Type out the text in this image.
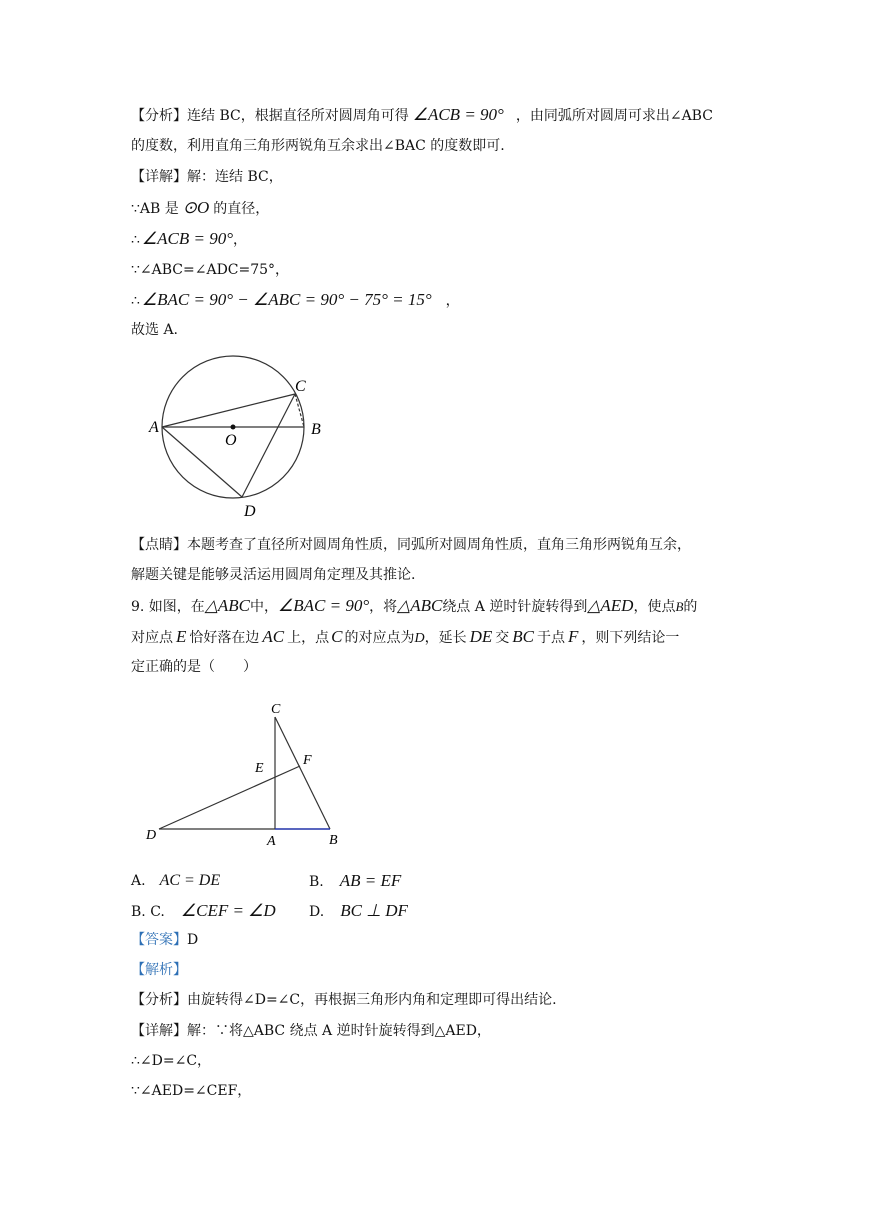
【分析】连结 BC，根据直径所对圆周角可得 ∠ACB = 90° ，由同弧所对圆周可求出∠ABC
的度数，利用直角三角形两锐角互余求出∠BAC 的度数即可.
【详解】解：连结 BC，
∵AB 是 ⊙O 的直径，
∴ ∠ACB = 90°，
∵∠ABC=∠ADC=75°，
∴ ∠BAC = 90° − ∠ABC = 90° − 75° = 15° ，
故选 A.
A	B
C
D
O
【点睛】本题考查了直径所对圆周角性质，同弧所对圆周角性质，直角三角形两锐角互余，
解题关键是能够灵活运用圆周角定理及其推论.
9. 如图，在△ABC中，∠BAC = 90°，将△ABC绕点 A 逆时针旋转得到△AED，使点B的
对应点 E 恰好落在边 AC 上，点 C 的对应点为D，延长 DE 交 BC 于点 F ，则下列结论一
定正确的是（　　）
C
E
F
D	A	B
A. AC = DE	B. AB = EF
B. C. ∠CEF = ∠D D. BC ⊥ DF
【答案】D
【解析】
【分析】由旋转得∠D=∠C，再根据三角形内角和定理即可得出结论.
【详解】解：∵将△ABC 绕点 A 逆时针旋转得到△AED，
∴∠D=∠C，
∵∠AED=∠CEF，
